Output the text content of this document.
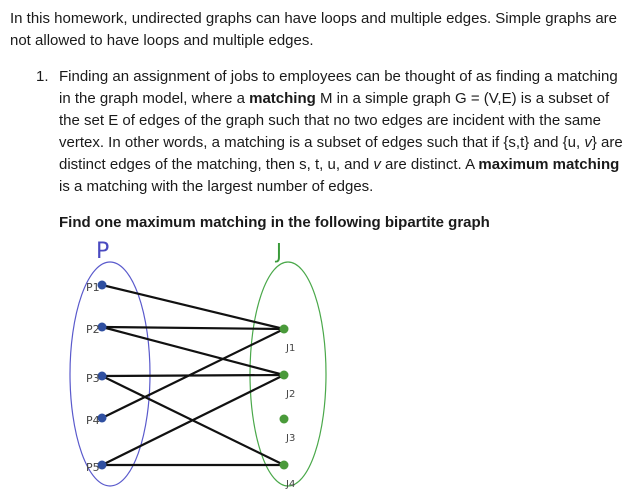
In this homework, undirected graphs can have loops and multiple edges. Simple graphs are not allowed to have loops and multiple edges.
1. Finding an assignment of jobs to employees can be thought of as finding a matching in the graph model, where a matching M in a simple graph G = (V,E) is a subset of the set E of edges of the graph such that no two edges are incident with the same vertex. In other words, a matching is a subset of edges such that if {s,t} and {u, v} are distinct edges of the matching, then s, t, u, and v are distinct. A maximum matching is a matching with the largest number of edges.
Find one maximum matching in the following bipartite graph
P	J
P1
P2
P3
P4
P5
J1
J2
J3
J4
